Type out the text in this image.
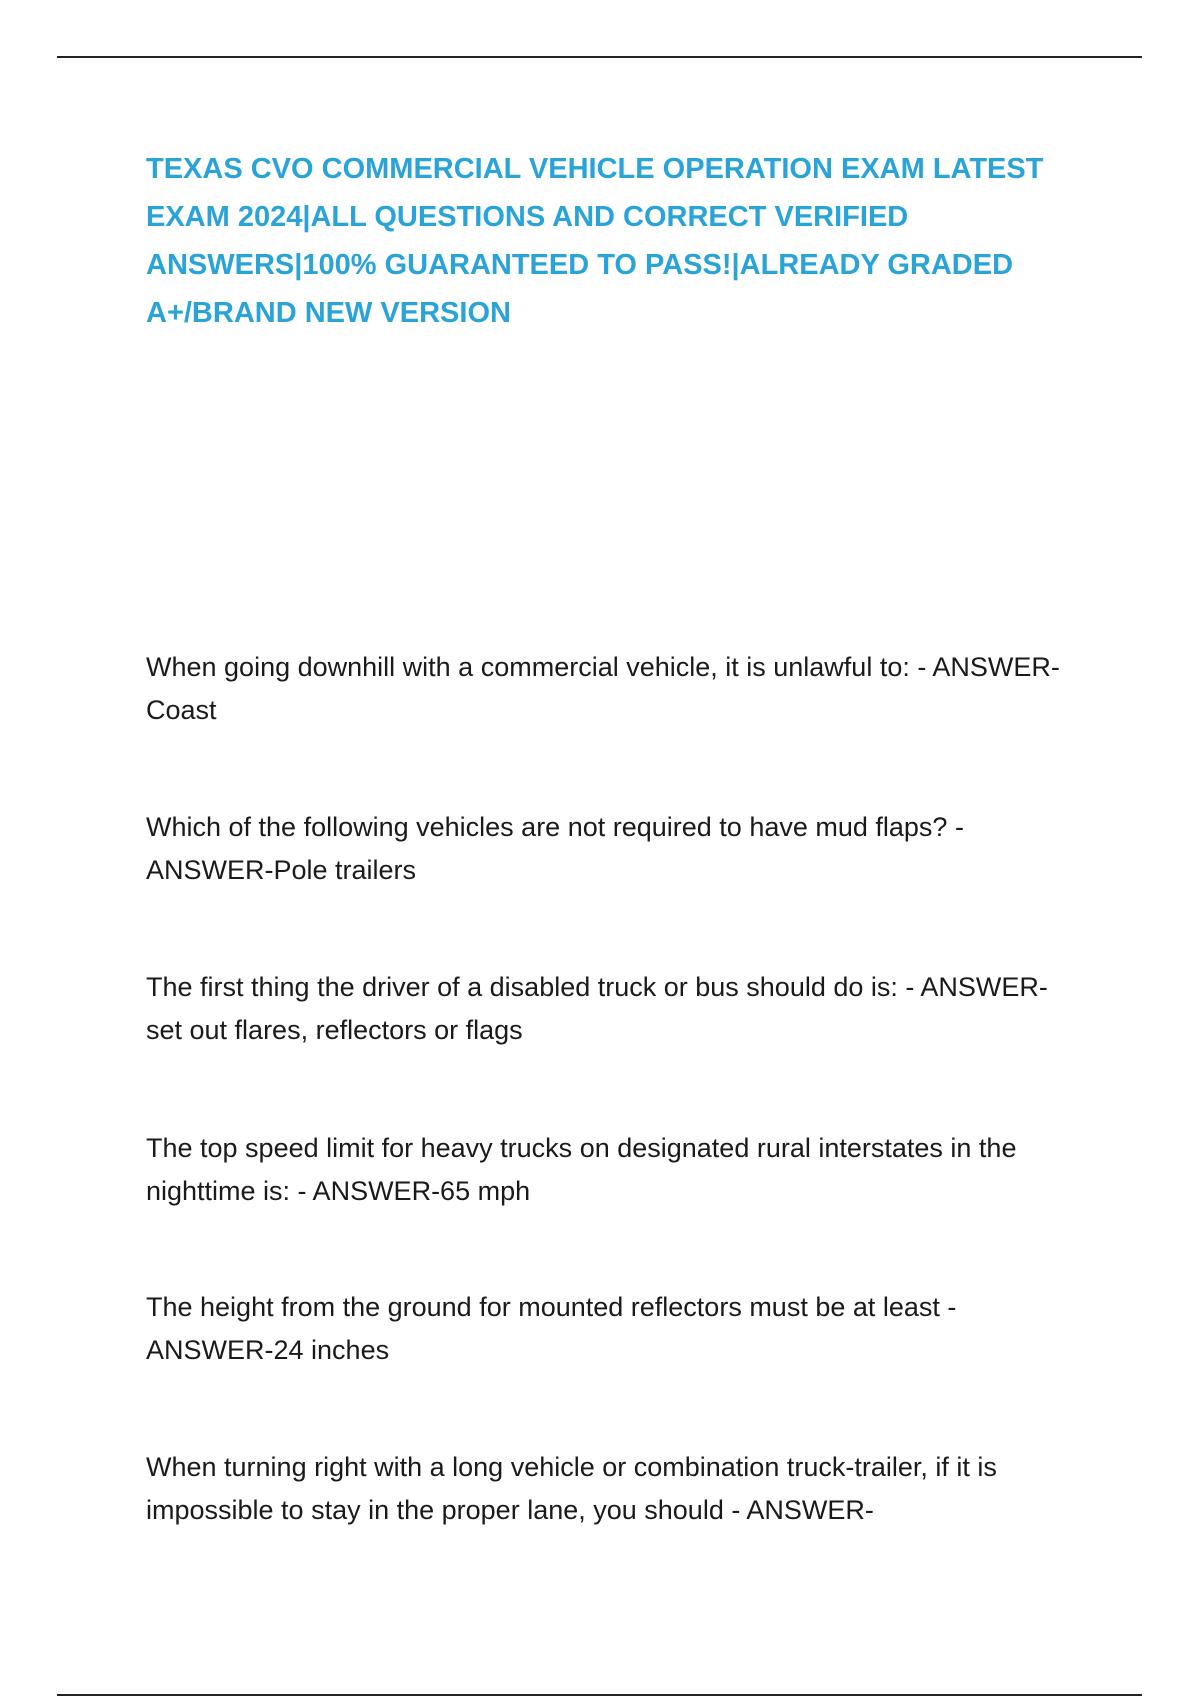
TEXAS CVO COMMERCIAL VEHICLE OPERATION EXAM LATEST EXAM 2024|ALL QUESTIONS AND CORRECT VERIFIED ANSWERS|100% GUARANTEED TO PASS!|ALREADY GRADED A+/BRAND NEW VERSION

When going downhill with a commercial vehicle, it is unlawful to: - ANSWER-Coast

Which of the following vehicles are not required to have mud flaps? - ANSWER-Pole trailers

The first thing the driver of a disabled truck or bus should do is: - ANSWER-set out flares, reflectors or flags

The top speed limit for heavy trucks on designated rural interstates in the nighttime is: - ANSWER-65 mph

The height from the ground for mounted reflectors must be at least - ANSWER-24 inches

When turning right with a long vehicle or combination truck-trailer, if it is impossible to stay in the proper lane, you should - ANSWER-
